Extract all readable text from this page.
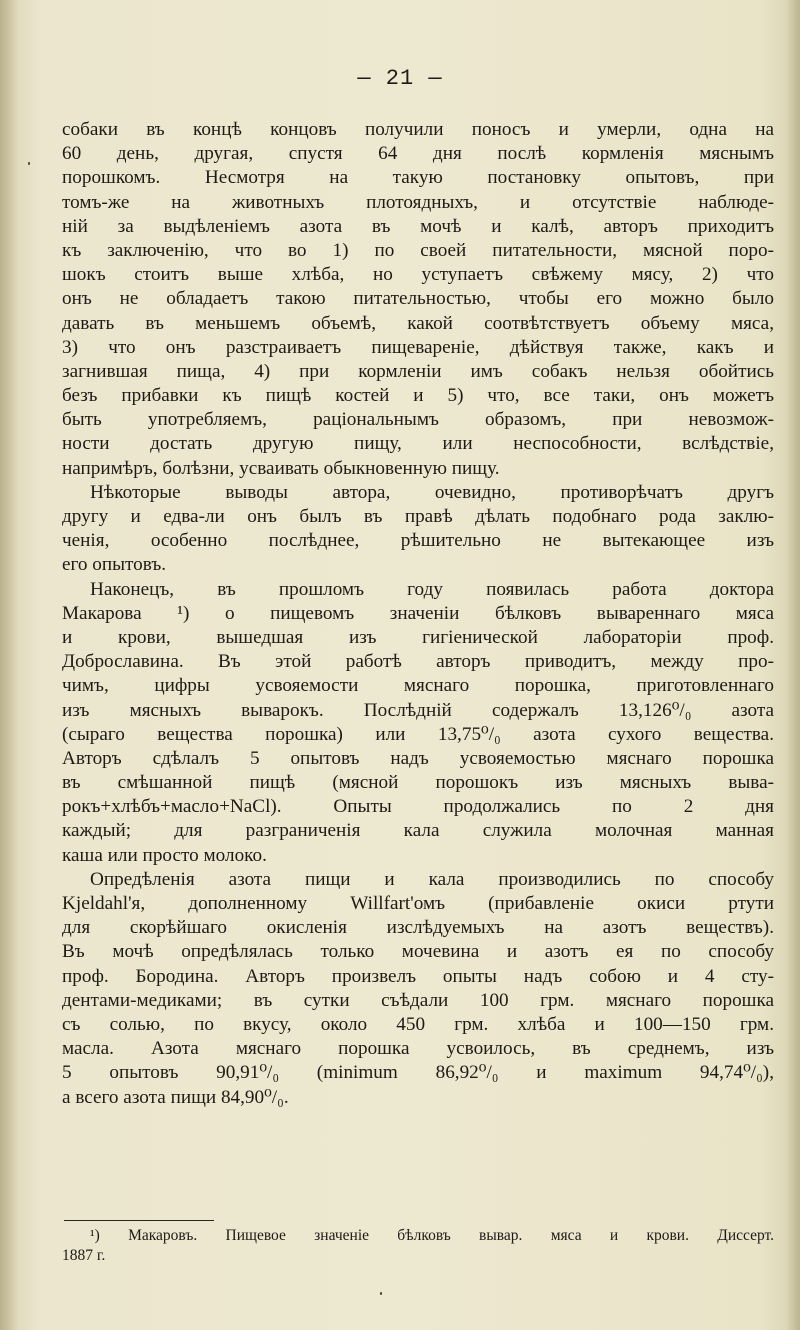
— 21 —
собаки въ концѣ концовъ получили поносъ и умерли, одна на
60 день, другая, спустя 64 дня послѣ кормленія мяснымъ
порошкомъ. Несмотря на такую постановку опытовъ, при
томъ-же на животныхъ плотоядныхъ, и отсутствіе наблюде-
ній за выдѣленіемъ азота въ мочѣ и калѣ, авторъ приходитъ
къ заключенію, что во 1) по своей питательности, мясной поро-
шокъ стоитъ выше хлѣба, но уступаетъ свѣжему мясу, 2) что
онъ не обладаетъ такою питательностью, чтобы его можно было
давать въ меньшемъ объемѣ, какой соотвѣтствуетъ объему мяса,
3) что онъ разстраиваетъ пищевареніе, дѣйствуя также, какъ и
загнившая пища, 4) при кормленіи имъ собакъ нельзя обойтись
безъ прибавки къ пищѣ костей и 5) что, все таки, онъ можетъ
быть употребляемъ, раціональнымъ образомъ, при невозмож-
ности достать другую пищу, или неспособности, вслѣдствіе,
напримѣръ, болѣзни, усваивать обыкновенную пищу.
Нѣкоторые выводы автора, очевидно, противорѣчатъ другъ
другу и едва-ли онъ былъ въ правѣ дѣлать подобнаго рода заклю-
ченія, особенно послѣднее, рѣшительно не вытекающее изъ
его опытовъ.
Наконецъ, въ прошломъ году появилась работа доктора
Макарова ¹) о пищевомъ значеніи бѣлковъ вывареннаго мяса
и крови, вышедшая изъ гигіенической лабораторіи проф.
Доброславина. Въ этой работѣ авторъ приводитъ, между про-
чимъ, цифры усвояемости мяснаго порошка, приготовленнаго
изъ мясныхъ выварокъ. Послѣдній содержалъ 13,126⁰/₀ азота
(сыраго вещества порошка) или 13,75⁰/₀ азота сухого вещества.
Авторъ сдѣлалъ 5 опытовъ надъ усвояемостью мяснаго порошка
въ смѣшанной пищѣ (мясной порошокъ изъ мясныхъ выва-
рокъ+хлѣбъ+масло+NaCl). Опыты продолжались по 2 дня
каждый; для разграниченія кала служила молочная манная
каша или просто молоко.
Опредѣленія азота пищи и кала производились по способу
Kjeldahl'я, дополненному Willfart'омъ (прибавленіе окиси ртути
для скорѣйшаго окисленія изслѣдуемыхъ на азотъ веществъ).
Въ мочѣ опредѣлялась только мочевина и азотъ ея по способу
проф. Бородина. Авторъ произвелъ опыты надъ собою и 4 сту-
дентами-медиками; въ сутки съѣдали 100 грм. мяснаго порошка
съ солью, по вкусу, около 450 грм. хлѣба и 100—150 грм.
масла. Азота мяснаго порошка усвоилось, въ среднемъ, изъ
5 опытовъ 90,91⁰/₀ (minimum 86,92⁰/₀ и maximum 94,74⁰/₀),
а всего азота пищи 84,90⁰/₀.
¹) Макаровъ. Пищевое значеніе бѣлковъ вывар. мяса и крови. Диссерт.
1887 г.
